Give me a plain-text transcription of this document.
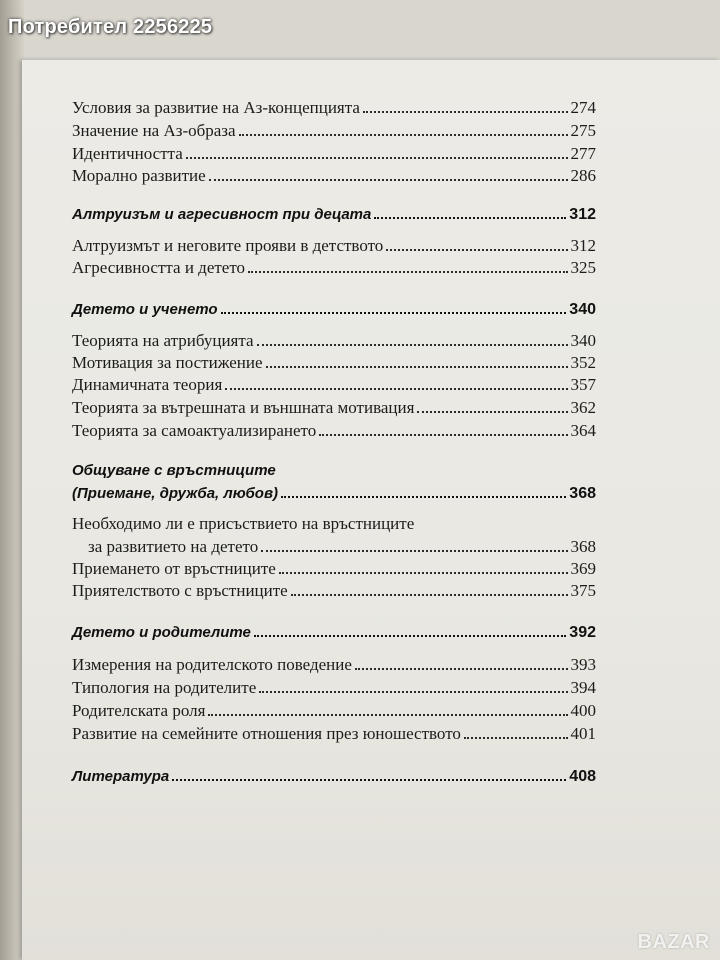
Потребител 2256225
Условия за развитие на Аз-концепцията	274
Значение на Аз-образа	275
Идентичността	277
Морално развитие	286
Алтруизъм и агресивност при децата	312
Алтруизмът и неговите прояви в детството	312
Агресивността и детето	325
Детето и ученето	340
Теорията на атрибуцията	340
Мотивация за постижение	352
Динамичната теория	357
Теорията за вътрешната и външната мотивация	362
Теорията за самоактуализирането	364
Общуване с връстниците
(Приемане, дружба, любов)	368
Необходимо ли е присъствието на връстниците
за развитието на детето	368
Приемането от връстниците	369
Приятелството с връстниците	375
Детето и родителите	392
Измерения на родителското поведение	393
Типология на родителите	394
Родителската роля	400
Развитие на семейните отношения през юношеството	401
Литература	408
BAZAR
